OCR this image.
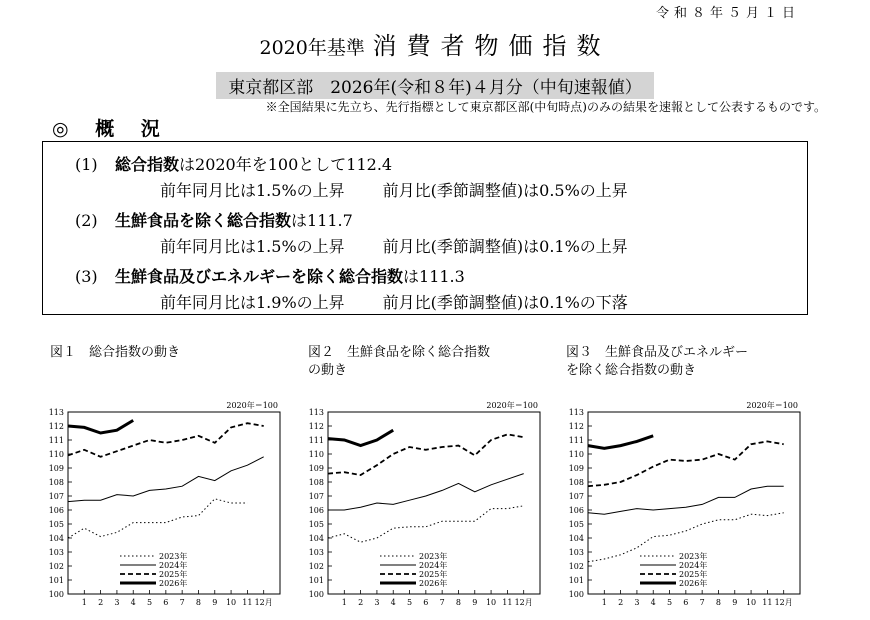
令和８年５月１日
2020年基準 消費者物価指数
東京都区部　2026年(令和８年)４月分（中旬速報値）
※全国結果に先立ち、先行指標として東京都区部(中旬時点)のみの結果を速報として公表するものです。
◎ 概 況
(1) 総合指数は2020年を100として112.4
前年同月比は1.5%の上昇 前月比(季節調整値)は0.5%の上昇
(2) 生鮮食品を除く総合指数は111.7
前年同月比は1.5%の上昇 前月比(季節調整値)は0.1%の上昇
(3) 生鮮食品及びエネルギーを除く総合指数は111.3
前年同月比は1.9%の上昇 前月比(季節調整値)は0.1%の下落
図１　総合指数の動き	図２　生鮮食品を除く総合指数
の動き
図３　生鮮食品及びエネルギー
を除く総合指数の動き
2020年＝100
100
101
102
103
104
105
106
107
108
109
110
111
112
113
1 2 3 4 5 6 7 8 9 10 11 12月
2023年
2024年
2025年
2026年
2020年＝100
100
101
102
103
104
105
106
107
108
109
110
111
112
113
1 2 3 4 5 6 7 8 9 10 11 12月
2023年
2024年
2025年
2026年
2020年＝100
100
101
102
103
104
105
106
107
108
109
110
111
112
113
1 2 3 4 5 6 7 8 9 10 11 12月
2023年
2024年
2025年
2026年
